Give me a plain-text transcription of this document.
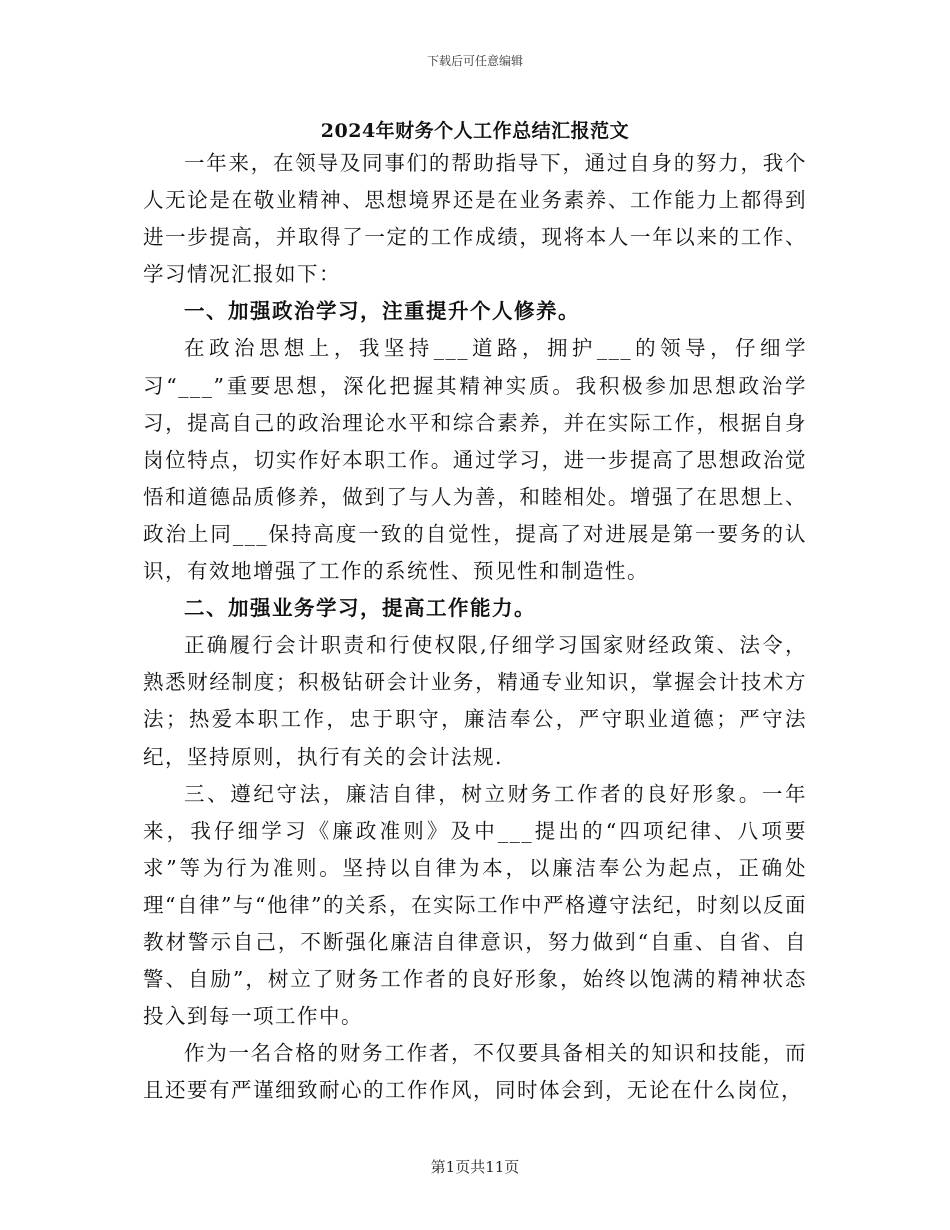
下载后可任意编辑
2024年财务个人工作总结汇报范文

一年来，在领导及同事们的帮助指导下，通过自身的努力，我个人无论是在敬业精神、思想境界还是在业务素养、工作能力上都得到进一步提高，并取得了一定的工作成绩，现将本人一年以来的工作、学习情况汇报如下：

一、加强政治学习，注重提升个人修养。

在政治思想上，我坚持___道路，拥护___的领导，仔细学习“___”重要思想，深化把握其精神实质。我积极参加思想政治学习，提高自己的政治理论水平和综合素养，并在实际工作，根据自身岗位特点，切实作好本职工作。通过学习，进一步提高了思想政治觉悟和道德品质修养，做到了与人为善，和睦相处。增强了在思想上、政治上同___保持高度一致的自觉性，提高了对进展是第一要务的认识，有效地增强了工作的系统性、预见性和制造性。

二、加强业务学习，提高工作能力。

正确履行会计职责和行使权限,仔细学习国家财经政策、法令，熟悉财经制度；积极钻研会计业务，精通专业知识，掌握会计技术方法；热爱本职工作，忠于职守，廉洁奉公，严守职业道德；严守法纪，坚持原则，执行有关的会计法规.

三、遵纪守法，廉洁自律，树立财务工作者的良好形象。一年来，我仔细学习《廉政准则》及中___提出的“四项纪律、八项要求”等为行为准则。坚持以自律为本，以廉洁奉公为起点，正确处理“自律”与“他律”的关系，在实际工作中严格遵守法纪，时刻以反面教材警示自己，不断强化廉洁自律意识，努力做到“自重、自省、自警、自励”，树立了财务工作者的良好形象，始终以饱满的精神状态投入到每一项工作中。

作为一名合格的财务工作者，不仅要具备相关的知识和技能，而且还要有严谨细致耐心的工作作风，同时体会到，无论在什么岗位，

第1页共11页
